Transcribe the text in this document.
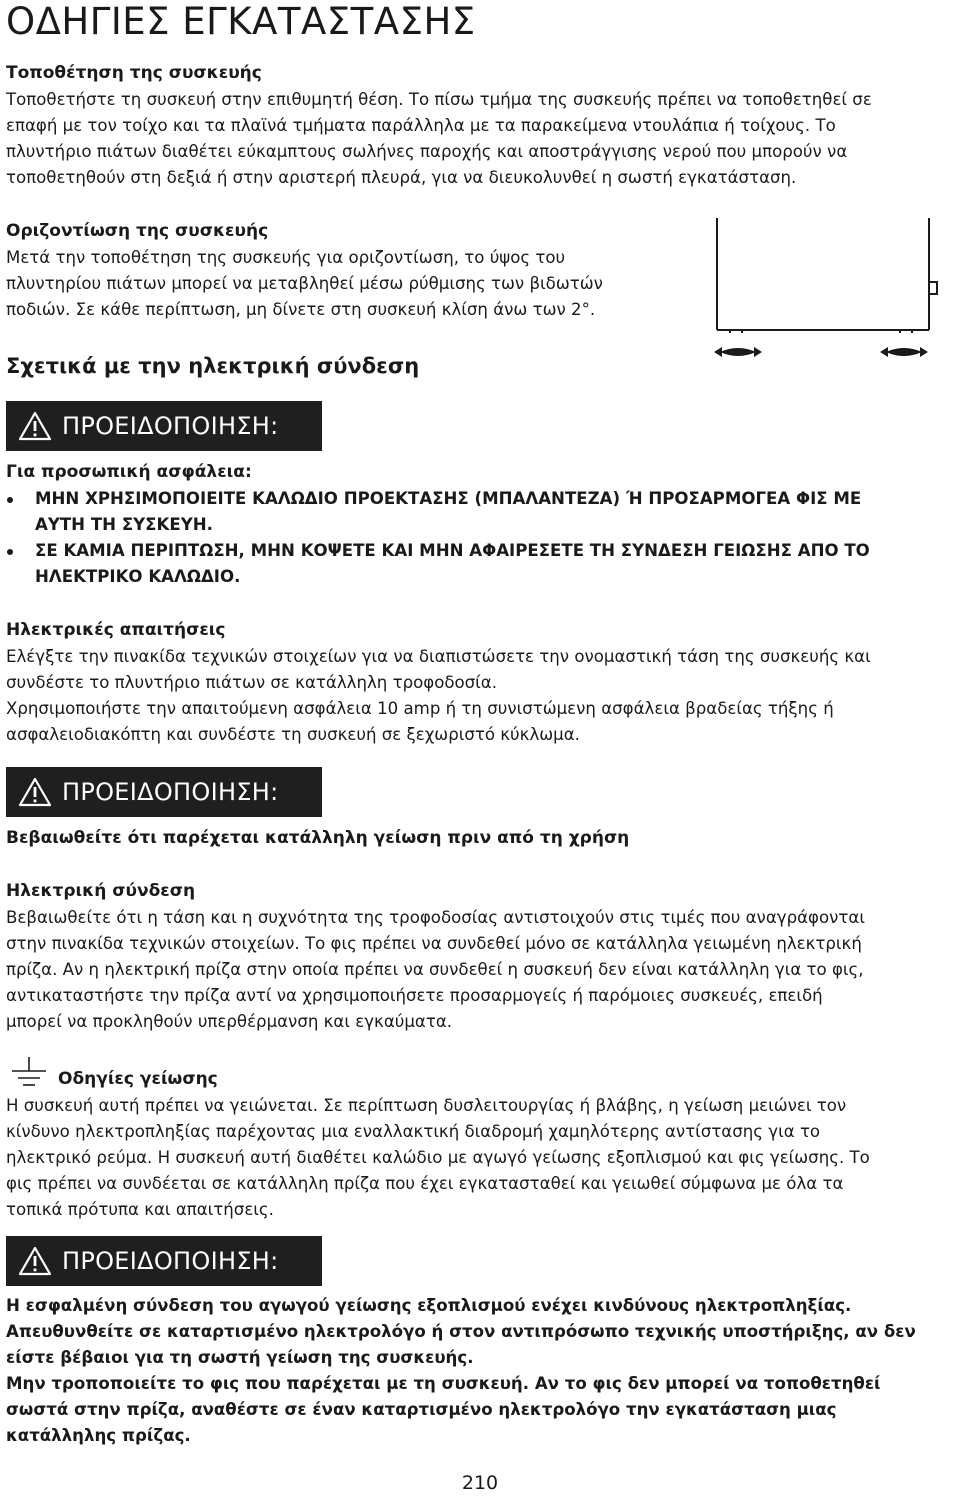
ΟΔΗΓΙΕΣ ΕΓΚΑΤΑΣΤΑΣΗΣ
Τοποθέτηση της συσκευής
Τοποθετήστε τη συσκευή στην επιθυμητή θέση. Το πίσω τμήμα της συσκευής πρέπει να τοποθετηθεί σε
επαφή με τον τοίχο και τα πλαϊνά τμήματα παράλληλα με τα παρακείμενα ντουλάπια ή τοίχους. Το
πλυντήριο πιάτων διαθέτει εύκαμπτους σωλήνες παροχής και αποστράγγισης νερού που μπορούν να
τοποθετηθούν στη δεξιά ή στην αριστερή πλευρά, για να διευκολυνθεί η σωστή εγκατάσταση.
Οριζοντίωση της συσκευής
Μετά την τοποθέτηση της συσκευής για οριζοντίωση, το ύψος του
πλυντηρίου πιάτων μπορεί να μεταβληθεί μέσω ρύθμισης των βιδωτών
ποδιών. Σε κάθε περίπτωση, μη δίνετε στη συσκευή κλίση άνω των 2°.
Σχετικά με την ηλεκτρική σύνδεση
ΠΡΟΕΙΔΟΠΟΙΗΣΗ:
Για προσωπική ασφάλεια:
ΜΗΝ ΧΡΗΣΙΜΟΠΟΙΕΙΤΕ ΚΑΛΩΔΙΟ ΠΡΟΕΚΤΑΣΗΣ (ΜΠΑΛΑΝΤΕΖΑ) Ή ΠΡΟΣΑΡΜΟΓΕΑ ΦΙΣ ΜΕ
ΑΥΤΗ ΤΗ ΣΥΣΚΕΥΗ.
ΣΕ ΚΑΜΙΑ ΠΕΡΙΠΤΩΣΗ, ΜΗΝ ΚΟΨΕΤΕ ΚΑΙ ΜΗΝ ΑΦΑΙΡΕΣΕΤΕ ΤΗ ΣΥΝΔΕΣΗ ΓΕΙΩΣΗΣ ΑΠΟ ΤΟ
ΗΛΕΚΤΡΙΚΟ ΚΑΛΩΔΙΟ.
Ηλεκτρικές απαιτήσεις
Ελέγξτε την πινακίδα τεχνικών στοιχείων για να διαπιστώσετε την ονομαστική τάση της συσκευής και
συνδέστε το πλυντήριο πιάτων σε κατάλληλη τροφοδοσία.
Χρησιμοποιήστε την απαιτούμενη ασφάλεια 10 amp ή τη συνιστώμενη ασφάλεια βραδείας τήξης ή
ασφαλειοδιακόπτη και συνδέστε τη συσκευή σε ξεχωριστό κύκλωμα.
ΠΡΟΕΙΔΟΠΟΙΗΣΗ:
Βεβαιωθείτε ότι παρέχεται κατάλληλη γείωση πριν από τη χρήση
Ηλεκτρική σύνδεση
Βεβαιωθείτε ότι η τάση και η συχνότητα της τροφοδοσίας αντιστοιχούν στις τιμές που αναγράφονται
στην πινακίδα τεχνικών στοιχείων. Το φις πρέπει να συνδεθεί μόνο σε κατάλληλα γειωμένη ηλεκτρική
πρίζα. Αν η ηλεκτρική πρίζα στην οποία πρέπει να συνδεθεί η συσκευή δεν είναι κατάλληλη για το φις,
αντικαταστήστε την πρίζα αντί να χρησιμοποιήσετε προσαρμογείς ή παρόμοιες συσκευές, επειδή
μπορεί να προκληθούν υπερθέρμανση και εγκαύματα.
Οδηγίες γείωσης
Η συσκευή αυτή πρέπει να γειώνεται. Σε περίπτωση δυσλειτουργίας ή βλάβης, η γείωση μειώνει τον
κίνδυνο ηλεκτροπληξίας παρέχοντας μια εναλλακτική διαδρομή χαμηλότερης αντίστασης για το
ηλεκτρικό ρεύμα. Η συσκευή αυτή διαθέτει καλώδιο με αγωγό γείωσης εξοπλισμού και φις γείωσης. Το
φις πρέπει να συνδέεται σε κατάλληλη πρίζα που έχει εγκατασταθεί και γειωθεί σύμφωνα με όλα τα
τοπικά πρότυπα και απαιτήσεις.
ΠΡΟΕΙΔΟΠΟΙΗΣΗ:
Η εσφαλμένη σύνδεση του αγωγού γείωσης εξοπλισμού ενέχει κινδύνους ηλεκτροπληξίας.
Απευθυνθείτε σε καταρτισμένο ηλεκτρολόγο ή στον αντιπρόσωπο τεχνικής υποστήριξης, αν δεν
είστε βέβαιοι για τη σωστή γείωση της συσκευής.
Μην τροποποιείτε το φις που παρέχεται με τη συσκευή. Αν το φις δεν μπορεί να τοποθετηθεί
σωστά στην πρίζα, αναθέστε σε έναν καταρτισμένο ηλεκτρολόγο την εγκατάσταση μιας
κατάλληλης πρίζας.
210
